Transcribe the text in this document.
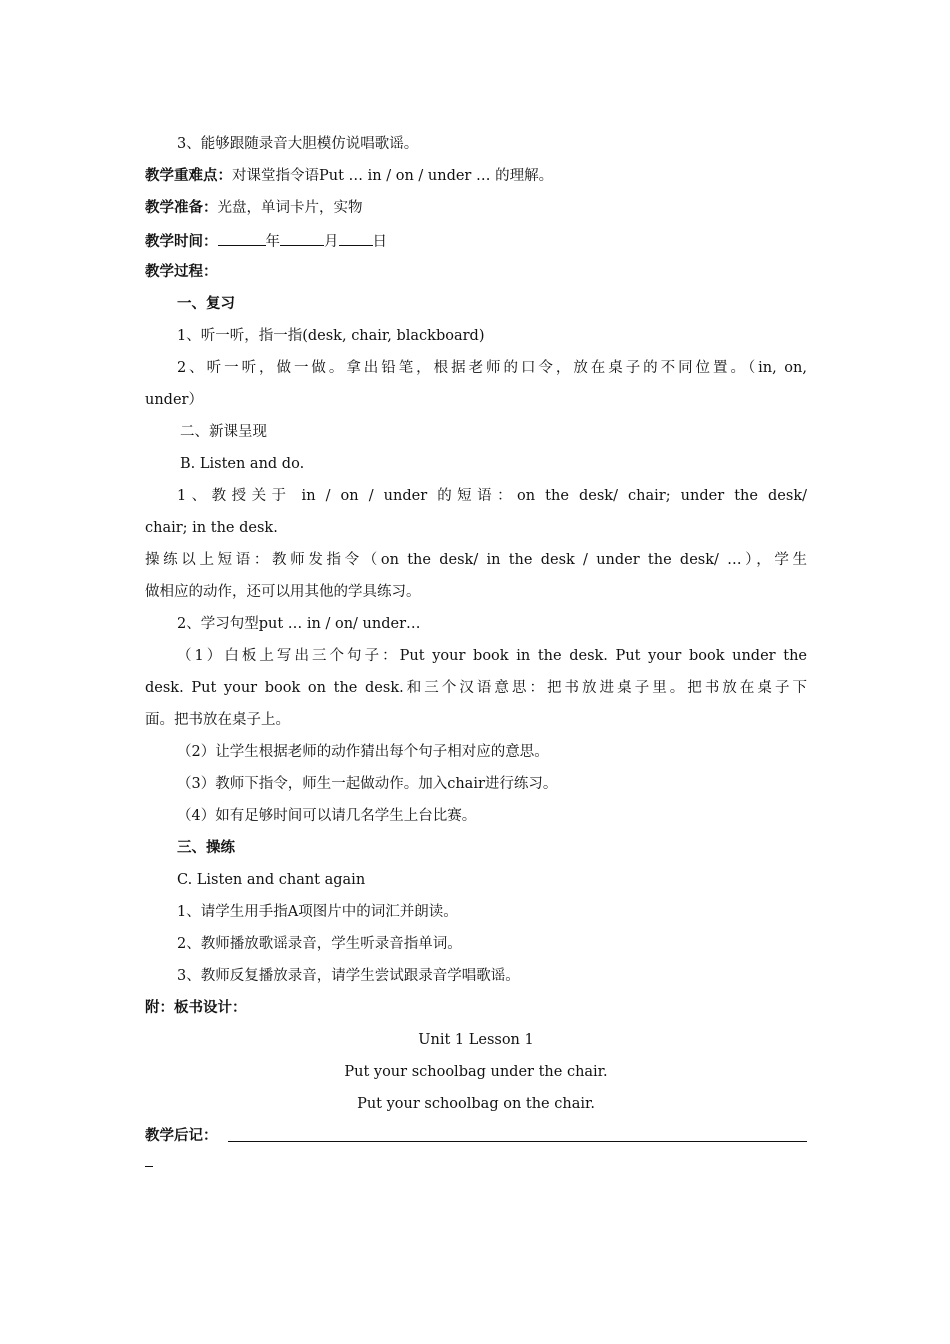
3、能够跟随录音大胆模仿说唱歌谣。
教学重难点：对课堂指令语Put … in / on / under … 的理解。
教学准备：光盘，单词卡片，实物
教学时间：	年	月 日
教学过程：
一、复习
1、听一听，指一指(desk, chair, blackboard)
2、听一听，做一做。拿出铅笔，根据老师的口令，放在桌子的不同位置。（in, on,
under）
二、新课呈现
B. Listen and do.
1、教授关于 in / on / under 的短语：on the desk/ chair; under the desk/
chair; in the desk.
操练以上短语：教师发指令（on the desk/ in the desk / under the desk/ …），学生
做相应的动作，还可以用其他的学具练习。
2、学习句型put … in / on/ under…
（1）白板上写出三个句子：Put your book in the desk. Put your book under the
desk. Put your book on the desk.和三个汉语意思：把书放进桌子里。把书放在桌子下
面。把书放在桌子上。
（2）让学生根据老师的动作猜出每个句子相对应的意思。
（3）教师下指令，师生一起做动作。加入chair进行练习。
（4）如有足够时间可以请几名学生上台比赛。
三、操练
C. Listen and chant again
1、请学生用手指A项图片中的词汇并朗读。
2、教师播放歌谣录音，学生听录音指单词。
3、教师反复播放录音，请学生尝试跟录音学唱歌谣。
附：板书设计：
Unit 1 Lesson 1
Put your schoolbag under the chair.
Put your schoolbag on the chair.
教学后记：
